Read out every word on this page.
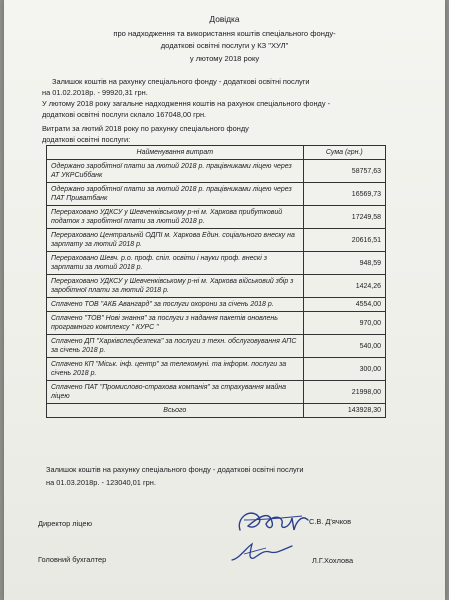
Довідка
про надходження та використання коштів спеціального фонду-
додаткові освітні послуги у КЗ "ХУЛ"
у лютому 2018 року
Залишок коштів на рахунку спеціального фонду - додаткові освітні послуги
на 01.02.2018р. - 99920,31 грн.
У лютому 2018 року загальне надходження коштів на рахунок спеціального фонду -
додаткові освітні послуги склало 167048,00 грн.
Витрати за лютий 2018 року по рахунку спеціального фонду
додаткові освітні послуги:
Найменування витрат	Сума (грн.)
Одержано заробітної плати за лютий 2018 р. працівниками ліцею через АТ УКРСиббанк	58757,63
Одержано заробітної плати за лютий 2018 р. працівниками ліцею через ПАТ Приватбанк	16569,73
Перераховано УДКСУ у Шевченківському р-ні м. Харкова прибутковий податок з заробітної плати за лютий 2018 р.	17249,58
Перераховано Центральній ОДПІ м. Харкова Един. соціального внеску на зарплату за лютий 2018 р.	20616,51
Перераховано Шевч. р.о. проф. спіл. освіти і науки проф. внескі з зарплати за лютий 2018 р.	948,59
Перераховано УДКСУ у Шевченківському р-ні м. Харкова військовий збір з заробітної плати за лютий 2018 р.	1424,26
Сплачено ТОВ "АКБ Авангард" за послуги охорони за січень 2018 р.	4554,00
Сплачено "ТОВ" Нові знання" за послуги з надання пакетів оновлень програмного комплексу " КУРС "	970,00
Сплачено ДП "Харківспецбезпека" за послуги з техн. обслуговування АПС за січень 2018 р.	540,00
Сплачено КП "Міськ. інф. центр" за телекомуні. та інформ. послуги за січень 2018 р.	300,00
Сплачено ПАТ "Промислово-страхова компанія" за страхування майна ліцею	21998,00
Всього	143928,30
Залишок коштів на рахунку спеціального фонду - додаткові освітні послуги
на 01.03.2018р. - 123040,01 грн.
Директор ліцею	С.В. Д'ячков
Головний бухгалтер	Л.Г.Хохлова
